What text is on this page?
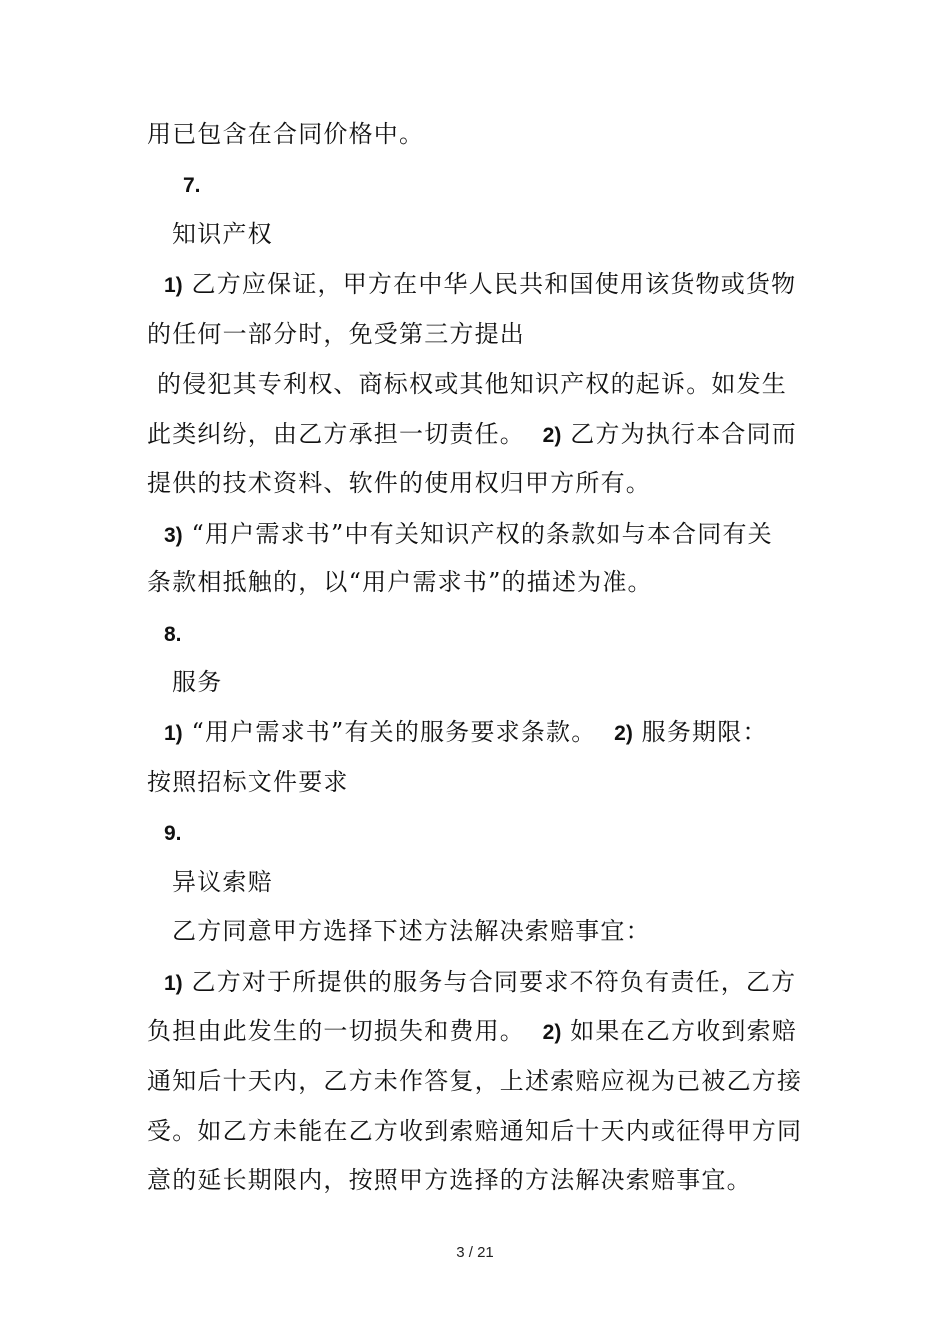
用已包含在合同价格中。
7.
知识产权
1) 乙方应保证，甲方在中华人民共和国使用该货物或货物
的任何一部分时，免受第三方提出
的侵犯其专利权、商标权或其他知识产权的起诉。如发生
此类纠纷，由乙方承担一切责任。 2) 乙方为执行本合同而
提供的技术资料、软件的使用权归甲方所有。
3) “用户需求书”中有关知识产权的条款如与本合同有关
条款相抵触的，以“用户需求书”的描述为准。
8.
服务
1) “用户需求书”有关的服务要求条款。 2) 服务期限：
按照招标文件要求
9.
异议索赔
乙方同意甲方选择下述方法解决索赔事宜：
1) 乙方对于所提供的服务与合同要求不符负有责任，乙方
负担由此发生的一切损失和费用。 2) 如果在乙方收到索赔
通知后十天内，乙方未作答复，上述索赔应视为已被乙方接
受。如乙方未能在乙方收到索赔通知后十天内或征得甲方同
意的延长期限内，按照甲方选择的方法解决索赔事宜。
3 / 21
